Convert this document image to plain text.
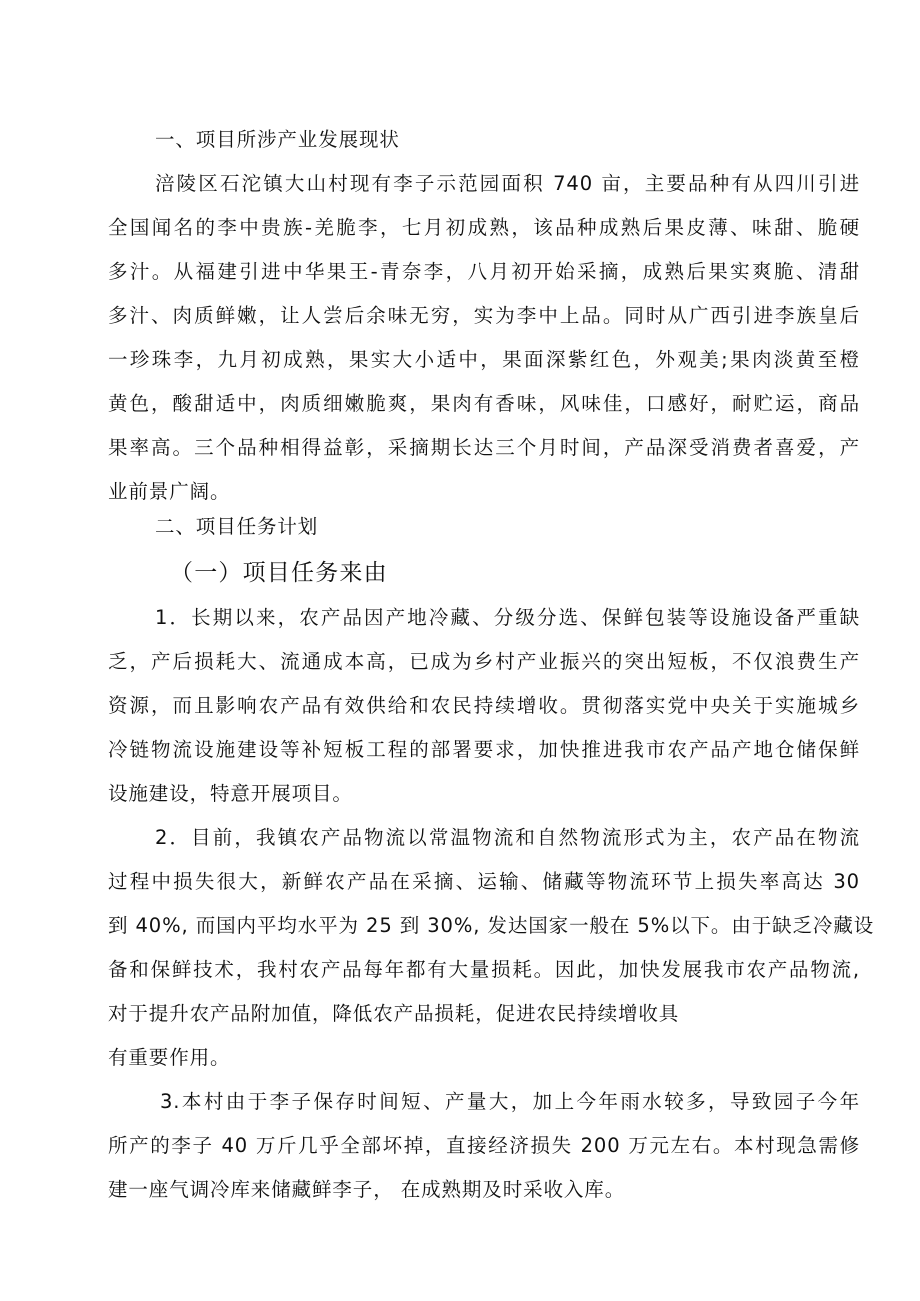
一、项目所涉产业发展现状
涪陵区石沱镇大山村现有李子示范园面积 740 亩，主要品种有从四川引进
全国闻名的李中贵族-羌脆李，七月初成熟，该品种成熟后果皮薄、味甜、脆硬
多汁。从福建引进中华果王-青奈李，八月初开始采摘，成熟后果实爽脆、清甜
多汁、肉质鲜嫩，让人尝后余味无穷，实为李中上品。同时从广西引进李族皇后
一珍珠李，九月初成熟，果实大小适中，果面深紫红色，外观美;果肉淡黄至橙
黄色，酸甜适中，肉质细嫩脆爽，果肉有香味，风味佳，口感好，耐贮运，商品
果率高。三个品种相得益彰，采摘期长达三个月时间，产品深受消费者喜爱，产
业前景广阔。
二、项目任务计划
（一）项目任务来由
1．长期以来，农产品因产地冷藏、分级分选、保鲜包装等设施设备严重缺
乏，产后损耗大、流通成本高，已成为乡村产业振兴的突出短板，不仅浪费生产
资源，而且影响农产品有效供给和农民持续增收。贯彻落实党中央关于实施城乡
冷链物流设施建设等补短板工程的部署要求，加快推进我市农产品产地仓储保鲜
设施建设，特意开展项目。
2．目前，我镇农产品物流以常温物流和自然物流形式为主，农产品在物流
过程中损失很大，新鲜农产品在采摘、运输、储藏等物流环节上损失率高达 30
到 40%, 而国内平均水平为 25 到 30%, 发达国家一般在 5%以下。由于缺乏冷藏设
备和保鲜技术，我村农产品每年都有大量损耗。因此，加快发展我市农产品物流,
对于提升农产品附加值，降低农产品损耗，促进农民持续增收具
有重要作用。
3.本村由于李子保存时间短、产量大，加上今年雨水较多，导致园子今年
所产的李子 40 万斤几乎全部坏掉，直接经济损失 200 万元左右。本村现急需修
建一座气调冷库来储藏鲜李子， 在成熟期及时采收入库。
